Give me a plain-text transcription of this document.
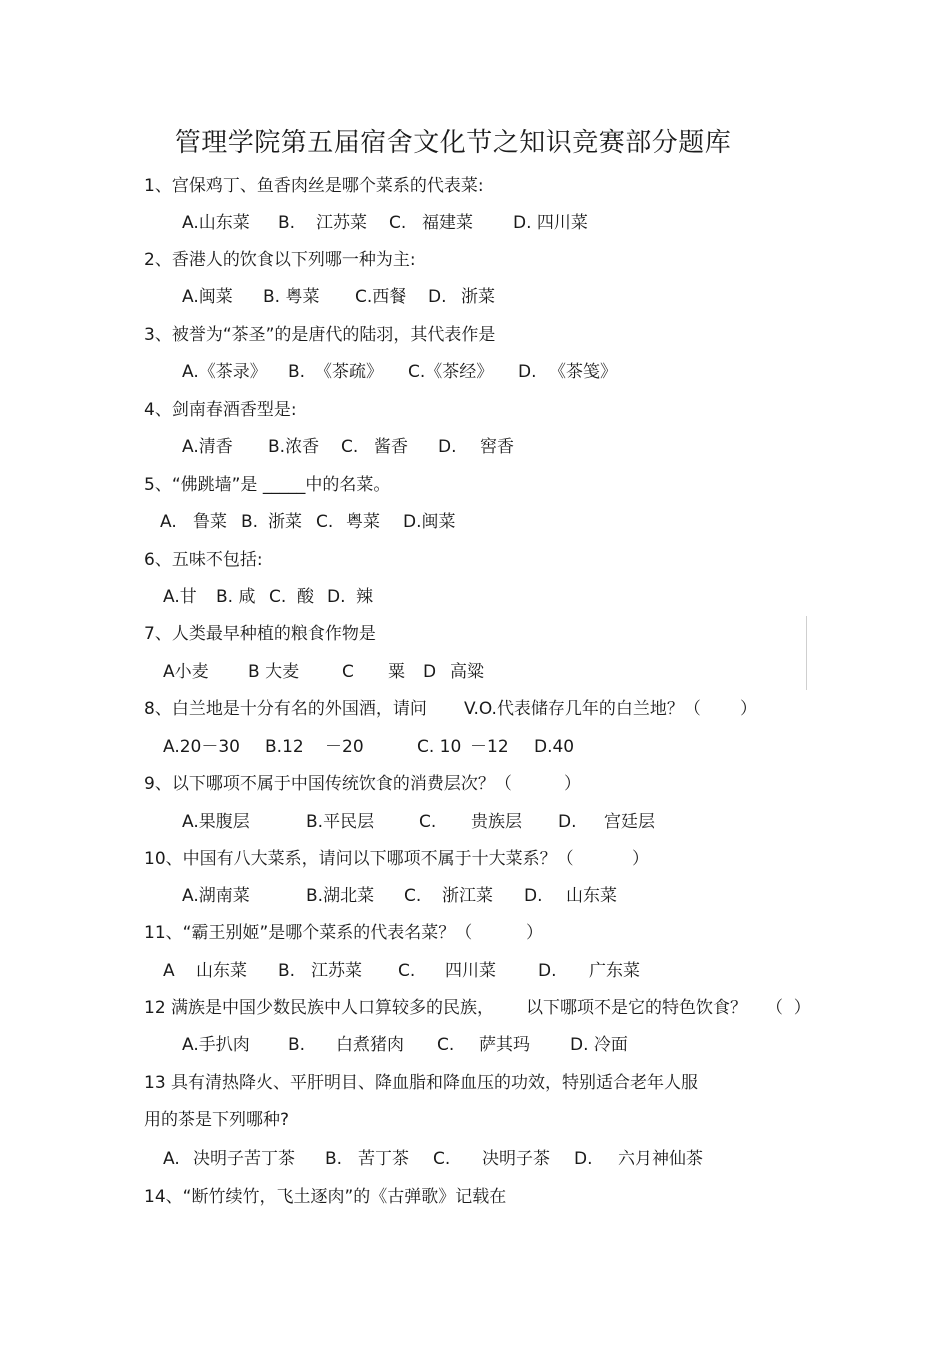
管理学院第五届宿舍文化节之知识竞赛部分题库
1、宫保鸡丁、鱼香肉丝是哪个菜系的代表菜:
A.山东菜 B. 江苏菜 C. 福建菜 D. 四川菜
2、香港人的饮食以下列哪一种为主:
A.闽菜 B. 粤菜 C.西餐 D. 浙菜
3、被誉为“茶圣”的是唐代的陆羽，其代表作是
A.《茶录》 B. 《茶疏》 C.《茶经》 D. 《茶笺》
4、剑南春酒香型是:
A.清香 B.浓香 C. 酱香 D. 窖香
5、“佛跳墙”是 _____中的名菜。
A. 鲁菜 B. 浙菜 C. 粤菜 D.闽菜
6、五味不包括:
A.甘 B. 咸 C. 酸 D. 辣
7、人类最早种植的粮食作物是
A小麦 B 大麦	C 粟 D 高粱
8、白兰地是十分有名的外国酒，请问 V.O.代表储存几年的白兰地？（ ）
A.20－30 B.12 －20	C. 10 －12 D.40
9、以下哪项不属于中国传统饮食的消费层次？（	）
A.果腹层	B.平民层	C. 贵族层 D. 宫廷层
10、中国有八大菜系，请问以下哪项不属于十大菜系？（	）
A.湖南菜	B.湖北菜 C. 浙江菜 D. 山东菜
11、“霸王别姬”是哪个菜系的代表名菜？（	）
A 山东菜 B. 江苏菜 C. 四川菜 D. 广东菜
12 满族是中国少数民族中人口算较多的民族， 以下哪项不是它的特色饮食？ （  ）
A.手扒肉 B. 白煮猪肉 C. 萨其玛 D. 冷面
13 具有清热降火、平肝明目、降血脂和降血压的功效，特别适合老年人服
用的茶是下列哪种?
A. 决明子苦丁茶 B. 苦丁茶 C. 决明子茶 D. 六月神仙茶
14、“断竹续竹，飞土逐肉”的《古弹歌》记载在
